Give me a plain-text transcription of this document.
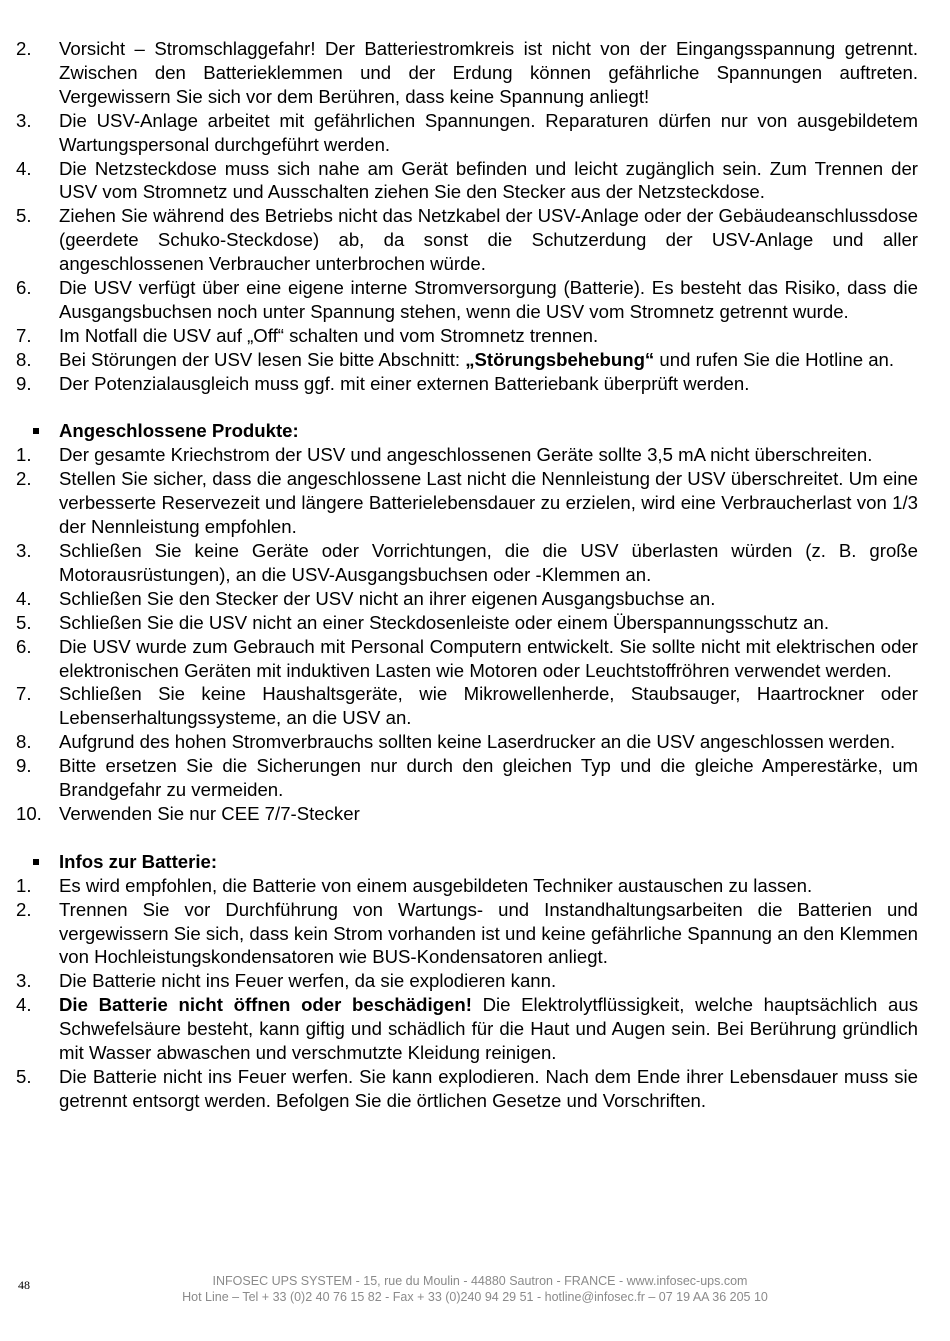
2.	Vorsicht – Stromschlaggefahr! Der Batteriestromkreis ist nicht von der Eingangsspannung getrennt. Zwischen den Batterieklemmen und der Erdung können gefährliche Spannungen auftreten. Vergewissern Sie sich vor dem Berühren, dass keine Spannung anliegt!
3.	Die USV-Anlage arbeitet mit gefährlichen Spannungen. Reparaturen dürfen nur von ausgebildetem Wartungspersonal durchgeführt werden.
4.	Die Netzsteckdose muss sich nahe am Gerät befinden und leicht zugänglich sein. Zum Trennen der USV vom Stromnetz und Ausschalten ziehen Sie den Stecker aus der Netzsteckdose.
5.	Ziehen Sie während des Betriebs nicht das Netzkabel der USV-Anlage oder der Gebäudeanschlussdose (geerdete Schuko-Steckdose) ab, da sonst die Schutzerdung der USV-Anlage und aller angeschlossenen Verbraucher unterbrochen würde.
6.	Die USV verfügt über eine eigene interne Stromversorgung (Batterie). Es besteht das Risiko, dass die Ausgangsbuchsen noch unter Spannung stehen, wenn die USV vom Stromnetz getrennt wurde.
7.	Im Notfall die USV auf „Off“ schalten und vom Stromnetz trennen.
8.	Bei Störungen der USV lesen Sie bitte Abschnitt: „Störungsbehebung“ und rufen Sie die Hotline an.
9.	Der Potenzialausgleich muss ggf. mit einer externen Batteriebank überprüft werden.
Angeschlossene Produkte:
1.	Der gesamte Kriechstrom der USV und angeschlossenen Geräte sollte 3,5 mA nicht überschreiten.
2.	Stellen Sie sicher, dass die angeschlossene Last nicht die Nennleistung der USV überschreitet. Um eine verbesserte Reservezeit und längere Batterielebensdauer zu erzielen, wird eine Verbraucherlast von 1/3 der Nennleistung empfohlen.
3.	Schließen Sie keine Geräte oder Vorrichtungen, die die USV überlasten würden (z. B. große Motorausrüstungen), an die USV-Ausgangsbuchsen oder -Klemmen an.
4.	Schließen Sie den Stecker der USV nicht an ihrer eigenen Ausgangsbuchse an.
5.	Schließen Sie die USV nicht an einer Steckdosenleiste oder einem Überspannungsschutz an.
6.	Die USV wurde zum Gebrauch mit Personal Computern entwickelt. Sie sollte nicht mit elektrischen oder elektronischen Geräten mit induktiven Lasten wie Motoren oder Leuchtstoffröhren verwendet werden.
7.	Schließen Sie keine Haushaltsgeräte, wie Mikrowellenherde, Staubsauger, Haartrockner oder Lebenserhaltungssysteme, an die USV an.
8.	Aufgrund des hohen Stromverbrauchs sollten keine Laserdrucker an die USV angeschlossen werden.
9.	Bitte ersetzen Sie die Sicherungen nur durch den gleichen Typ und die gleiche Amperestärke, um Brandgefahr zu vermeiden.
10. Verwenden Sie nur CEE 7/7-Stecker
Infos zur Batterie:
1.	Es wird empfohlen, die Batterie von einem ausgebildeten Techniker austauschen zu lassen.
2.	Trennen Sie vor Durchführung von Wartungs- und Instandhaltungsarbeiten die Batterien und vergewissern Sie sich, dass kein Strom vorhanden ist und keine gefährliche Spannung an den Klemmen von Hochleistungskondensatoren wie BUS-Kondensatoren anliegt.
3.	Die Batterie nicht ins Feuer werfen, da sie explodieren kann.
4.	Die Batterie nicht öffnen oder beschädigen! Die Elektrolytflüssigkeit, welche hauptsächlich aus Schwefelsäure besteht, kann giftig und schädlich für die Haut und Augen sein. Bei Berührung gründlich mit Wasser abwaschen und verschmutzte Kleidung reinigen.
5.	Die Batterie nicht ins Feuer werfen. Sie kann explodieren. Nach dem Ende ihrer Lebensdauer muss sie getrennt entsorgt werden. Befolgen Sie die örtlichen Gesetze und Vorschriften.
48	INFOSEC UPS SYSTEM - 15, rue du Moulin - 44880 Sautron - FRANCE - www.infosec-ups.com
Hot Line – Tel + 33 (0)2 40 76 15 82 - Fax + 33 (0)240 94 29 51 - hotline@infosec.fr – 07 19 AA 36 205 10
